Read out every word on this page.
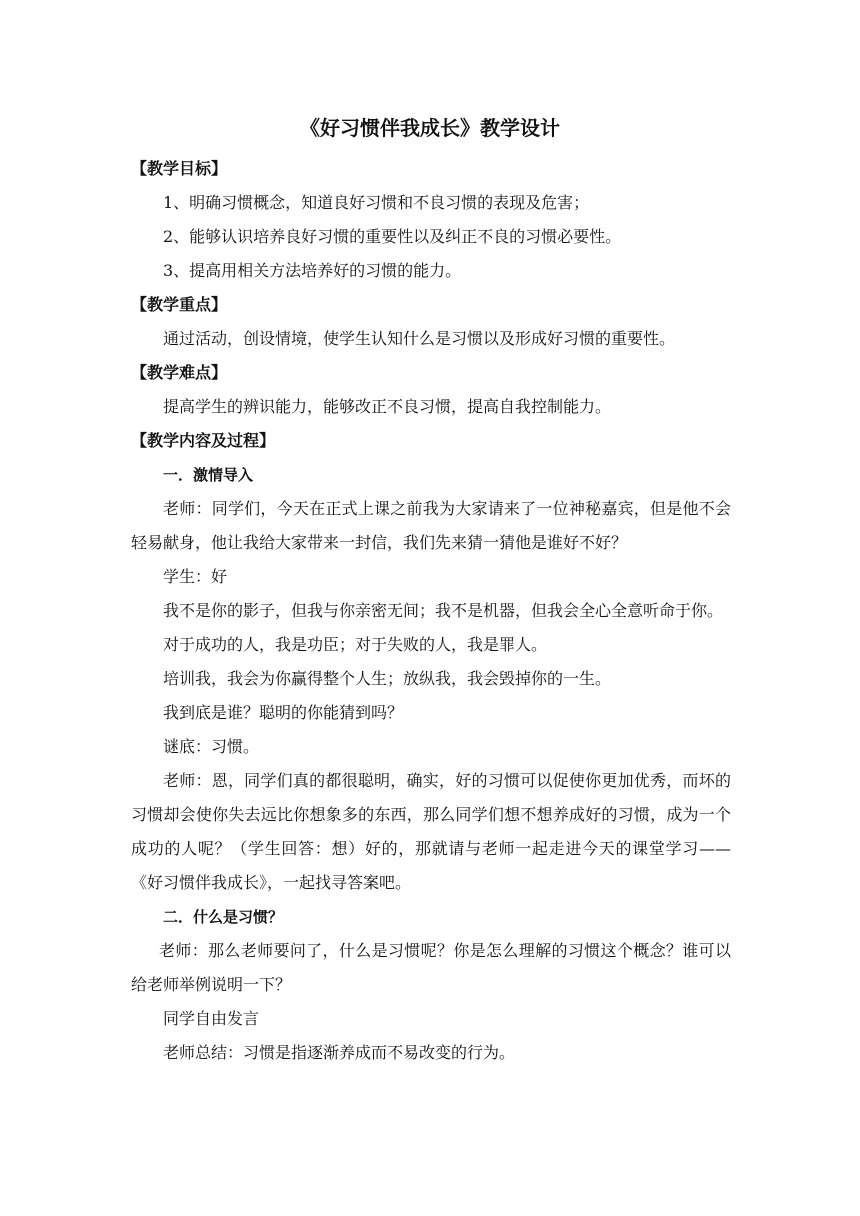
《好习惯伴我成长》教学设计

【教学目标】

1、明确习惯概念，知道良好习惯和不良习惯的表现及危害；

2、能够认识培养良好习惯的重要性以及纠正不良的习惯必要性。

3、提高用相关方法培养好的习惯的能力。

【教学重点】

通过活动，创设情境，使学生认知什么是习惯以及形成好习惯的重要性。

【教学难点】

提高学生的辨识能力，能够改正不良习惯，提高自我控制能力。

【教学内容及过程】

一．激情导入

老师：同学们，今天在正式上课之前我为大家请来了一位神秘嘉宾，但是他不会轻易献身，他让我给大家带来一封信，我们先来猜一猜他是谁好不好？

学生：好

我不是你的影子，但我与你亲密无间；我不是机器，但我会全心全意听命于你。

对于成功的人，我是功臣；对于失败的人，我是罪人。

培训我，我会为你赢得整个人生；放纵我，我会毁掉你的一生。

我到底是谁？聪明的你能猜到吗？

谜底：习惯。

老师：恩，同学们真的都很聪明，确实，好的习惯可以促使你更加优秀，而坏的习惯却会使你失去远比你想象多的东西，那么同学们想不想养成好的习惯，成为一个成功的人呢？（学生回答：想）好的，那就请与老师一起走进今天的课堂学习——《好习惯伴我成长》，一起找寻答案吧。

二．什么是习惯？

老师：那么老师要问了，什么是习惯呢？你是怎么理解的习惯这个概念？谁可以给老师举例说明一下？

同学自由发言

老师总结：习惯是指逐渐养成而不易改变的行为。
